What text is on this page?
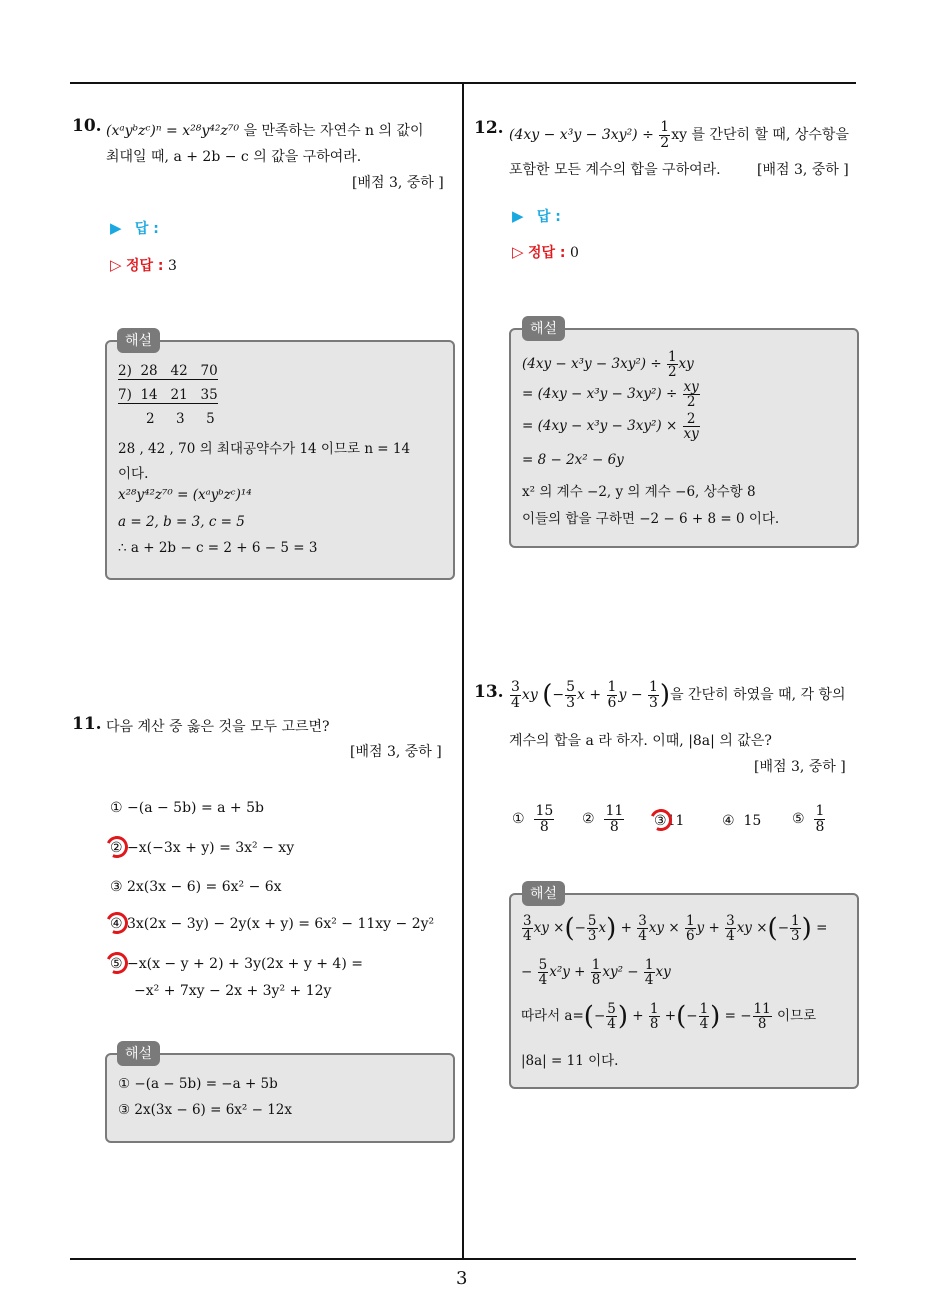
3
10. (xᵃyᵇzᶜ)ⁿ = x²⁸y⁴²z⁷⁰ 을 만족하는 자연수 n 의 값이
최대일 때, a + 2b − c 의 값을 구하여라.
[배점 3, 중하 ]
▶ 답 :
▷ 정답 : 3
해설
2)  28   42   70
7)  14   21   35
2     3     5
28 , 42 , 70 의 최대공약수가 14 이므로 n = 14
이다.
x²⁸y⁴²z⁷⁰ = (xᵃyᵇzᶜ)¹⁴
a = 2, b = 3, c = 5
∴ a + 2b − c = 2 + 6 − 5 = 3
11. 다음 계산 중 옳은 것을 모두 고르면?
[배점 3, 중하 ]
① −(a − 5b) = a + 5b
② −x(−3x + y) = 3x² − xy
③ 2x(3x − 6) = 6x² − 6x
④ 3x(2x − 3y) − 2y(x + y) = 6x² − 11xy − 2y²
⑤ −x(x − y + 2) + 3y(2x + y + 4) =
−x² + 7xy − 2x + 3y² + 12y
해설
① −(a − 5b) = −a + 5b
③ 2x(3x − 6) = 6x² − 12x
12. $(4xy - x^3y - 3xy^2) \div \frac{1}{2}$ xy 를 간단히 할 때, 상수항을
포함한 모든 계수의 합을 구하여라.	[배점 3, 중하 ]
▶ 답 :
▷ 정답 : 0
해설
$(4xy - x^3y - 3xy^2) \div \frac{1}{2}$ xy
= $(4xy - x^3y - 3xy^2) \div \frac{xy}{2}$
= $(4xy - x^3y - 3xy^2) \times \frac{2}{xy}$
= 8 − 2x² − 6y
x² 의 계수 −2, y 의 계수 −6, 상수항 8
이들의 합을 구하면 −2 − 6 + 8 = 0 이다.
13. $\frac{3}{4}$ xy (− $\frac{5}{3}$ $x + \frac{1}{6}$ $y - \frac{1}{3}$ )을 간단히 하였을 때, 각 항의
계수의 합을 a 라 하자. 이때, |8a| 의 값은?
[배점 3, 중하 ]
① $\frac{15}{8}$ ② $\frac{11}{8}$ ③11	④ 15 ⑤ $\frac{1}{8}$
해설
$\frac{3}{4}$ xy ×(− $\frac{5}{3} x) + \frac{3}{4}$ xy × $\frac{1}{6}$ $y + \frac{3}{4}$ xy ×(− $\frac{1}{3}$ ) =
− $\frac{5}{4} x^2y + \frac{1}{8} xy^2 - \frac{1}{4}$ xy
따라서 $a=(- \frac{5}{4}$ ) + $\frac{1}{8}$ +(− $\frac{1}{4}$ ) = − $\frac{11}{8}$ 이므로
|8a| = 11 이다.
